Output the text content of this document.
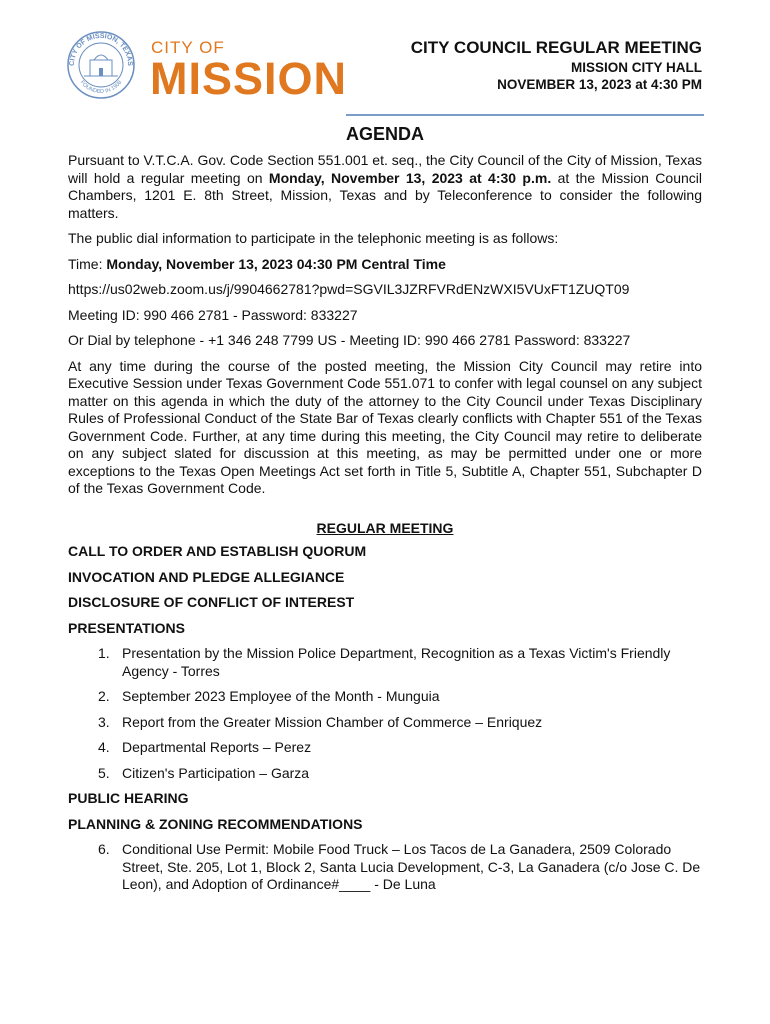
CITY OF MISSION, TEXAS
FOUNDED IN 1908
CITY OF
MISSION
CITY COUNCIL REGULAR MEETING
MISSION CITY HALL
NOVEMBER 13, 2023 at 4:30 PM
AGENDA

Pursuant to V.T.C.A. Gov. Code Section 551.001 et. seq., the City Council of the City of Mission, Texas will hold a regular meeting on Monday, November 13, 2023 at 4:30 p.m. at the Mission Council Chambers, 1201 E. 8th Street, Mission, Texas and by Teleconference to consider the following matters.

The public dial information to participate in the telephonic meeting is as follows:

Time: Monday, November 13, 2023 04:30 PM Central Time

https://us02web.zoom.us/j/9904662781?pwd=SGVIL3JZRFVRdENzWXI5VUxFT1ZUQT09

Meeting ID: 990 466 2781 - Password: 833227

Or Dial by telephone - +1 346 248 7799 US - Meeting ID: 990 466 2781 Password: 833227

At any time during the course of the posted meeting, the Mission City Council may retire into Executive Session under Texas Government Code 551.071 to confer with legal counsel on any subject matter on this agenda in which the duty of the attorney to the City Council under Texas Disciplinary Rules of Professional Conduct of the State Bar of Texas clearly conflicts with Chapter 551 of the Texas Government Code. Further, at any time during this meeting, the City Council may retire to deliberate on any subject slated for discussion at this meeting, as may be permitted under one or more exceptions to the Texas Open Meetings Act set forth in Title 5, Subtitle A, Chapter 551, Subchapter D of the Texas Government Code.

REGULAR MEETING
CALL TO ORDER AND ESTABLISH QUORUM
INVOCATION AND PLEDGE ALLEGIANCE
DISCLOSURE OF CONFLICT OF INTEREST
PRESENTATIONS
1. Presentation by the Mission Police Department, Recognition as a Texas Victim's Friendly Agency - Torres
2. September 2023 Employee of the Month - Munguia
3. Report from the Greater Mission Chamber of Commerce – Enriquez
4. Departmental Reports – Perez
5. Citizen's Participation – Garza
PUBLIC HEARING
PLANNING & ZONING RECOMMENDATIONS
6. Conditional Use Permit: Mobile Food Truck – Los Tacos de La Ganadera, 2509 Colorado Street, Ste. 205, Lot 1, Block 2, Santa Lucia Development, C-3, La Ganadera (c/o Jose C. De Leon), and Adoption of Ordinance#____ - De Luna
